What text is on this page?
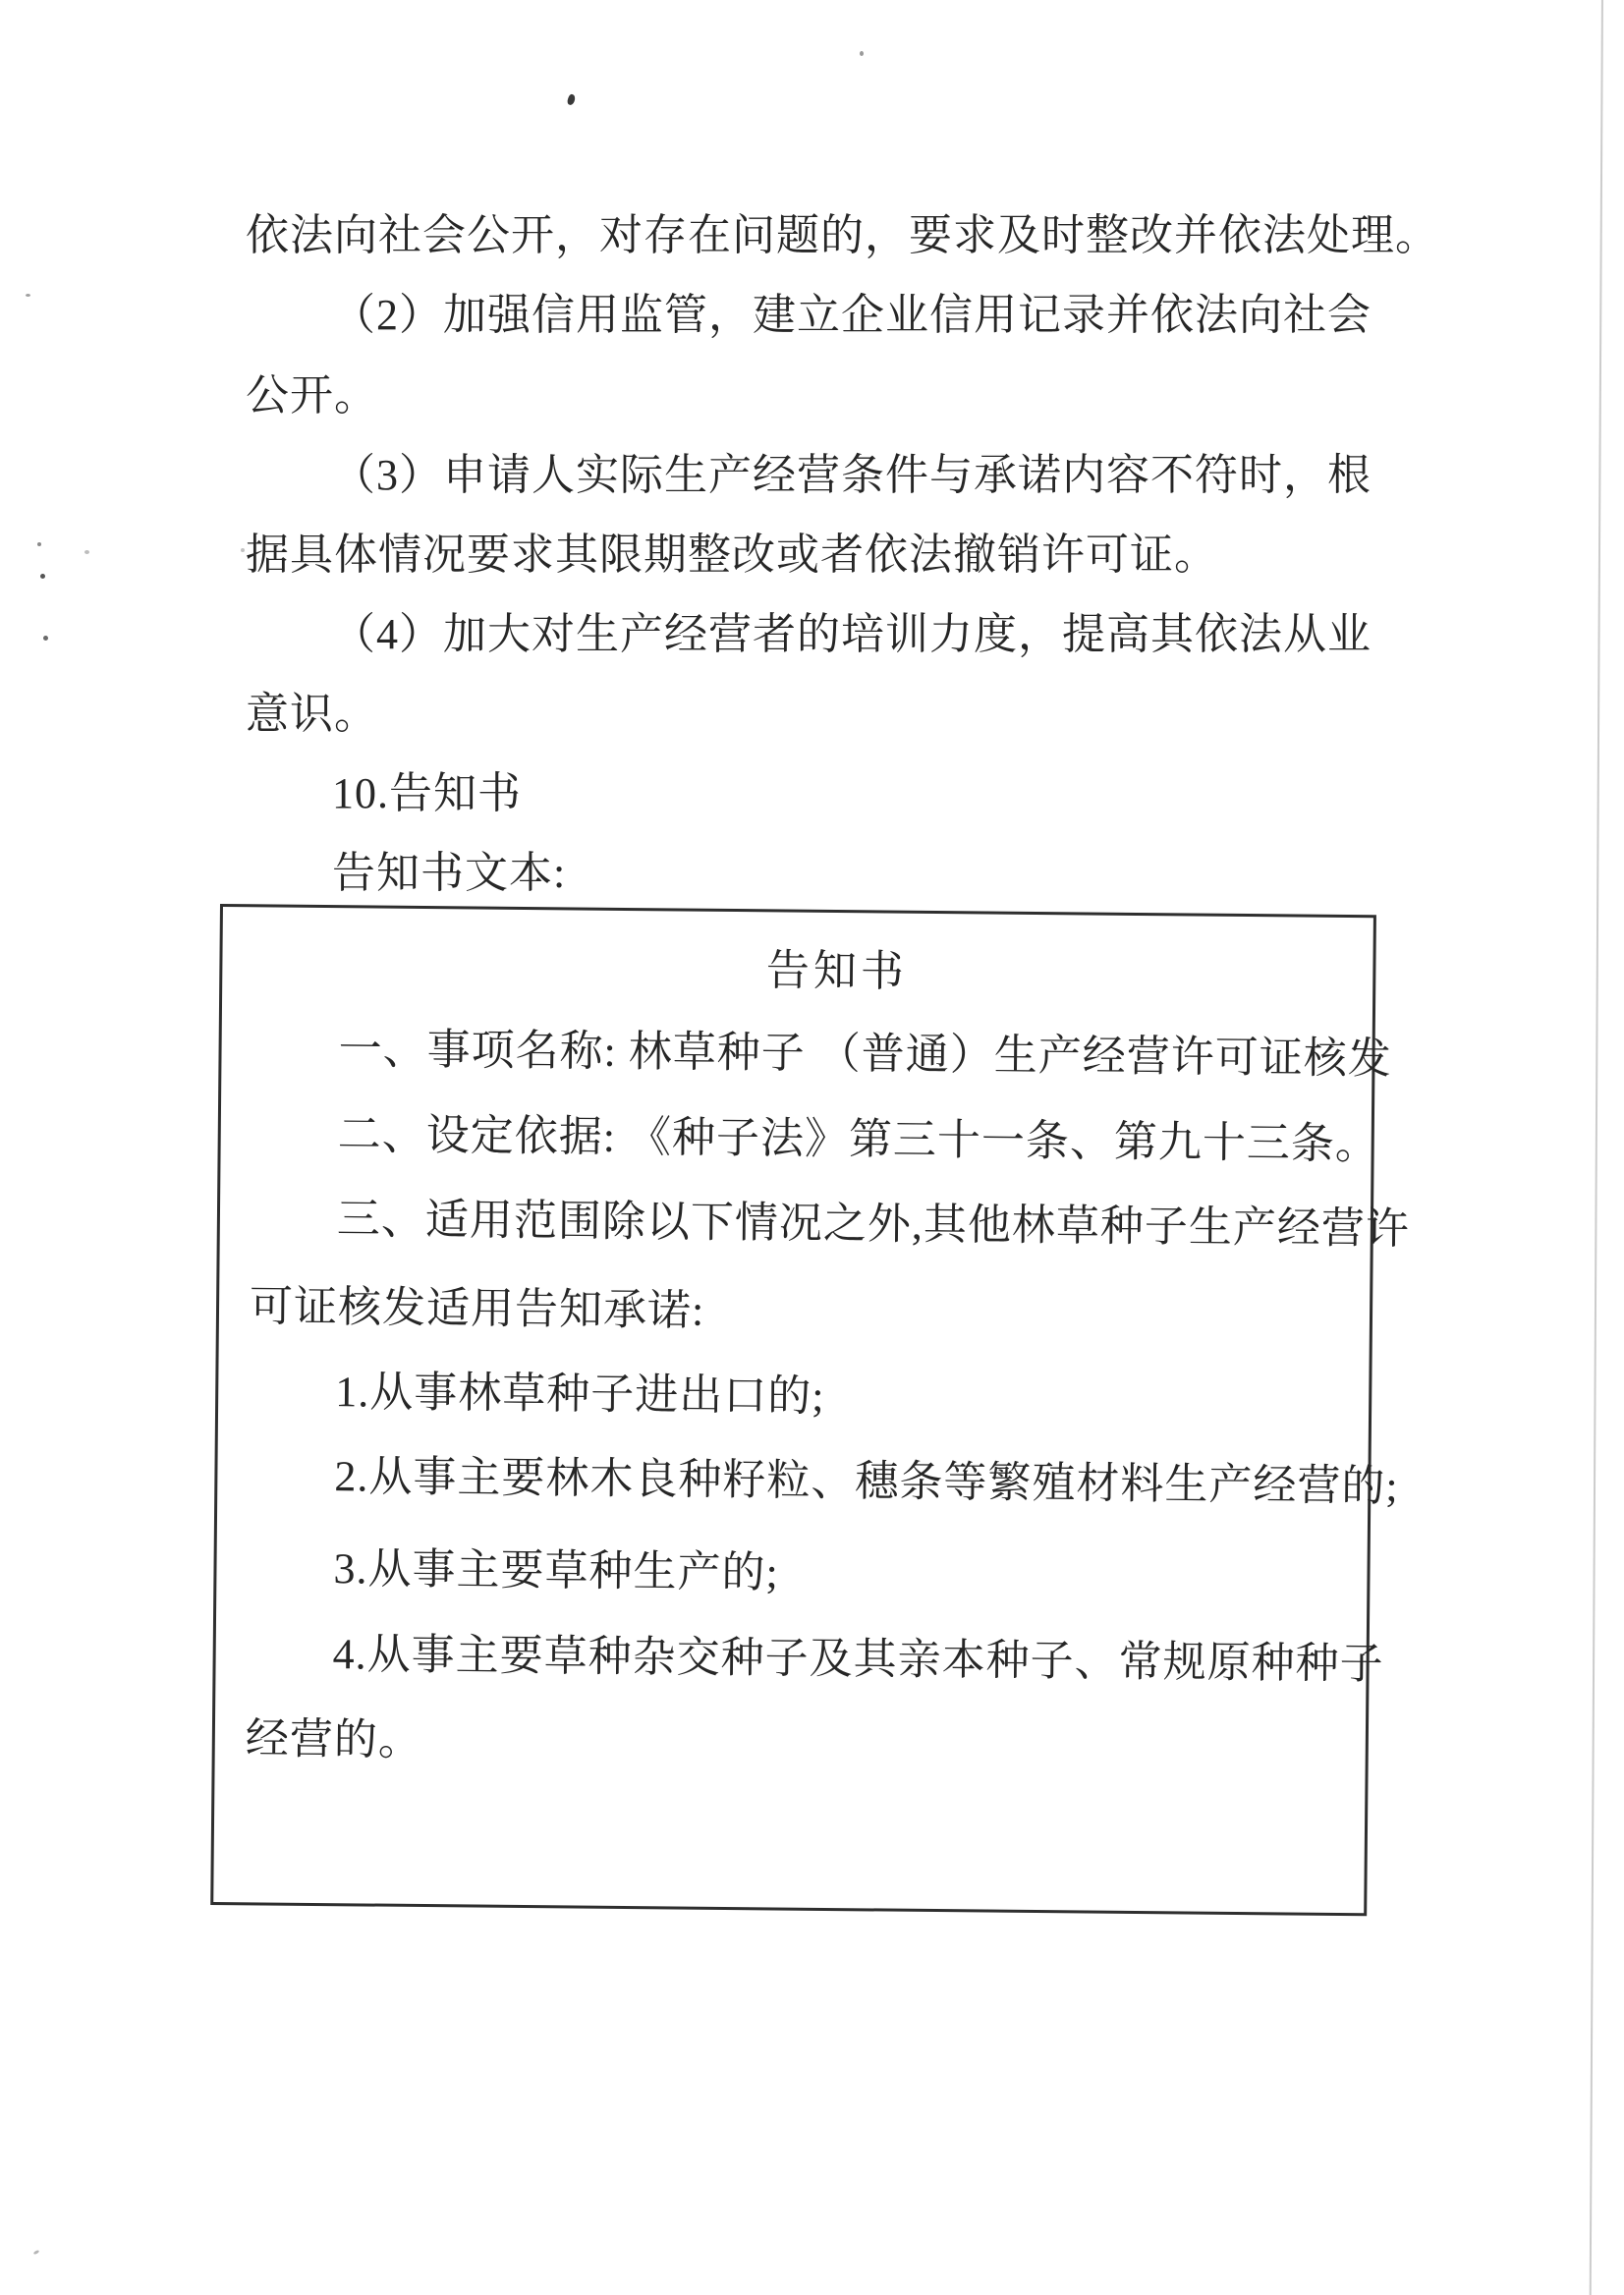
依法向社会公开，对存在问题的，要求及时整改并依法处理。
（2）加强信用监管，建立企业信用记录并依法向社会
公开。
（3）申请人实际生产经营条件与承诺内容不符时，根
据具体情况要求其限期整改或者依法撤销许可证。
（4）加大对生产经营者的培训力度，提高其依法从业
意识。
10.告知书
告知书文本:
告知书
一、事项名称: 林草种子 （普通）生产经营许可证核发
二、设定依据: 《种子法》第三十一条、第九十三条。
三、适用范围除以下情况之外,其他林草种子生产经营许
可证核发适用告知承诺:
1.从事林草种子进出口的;
2.从事主要林木良种籽粒、穗条等繁殖材料生产经营的;
3.从事主要草种生产的;
4.从事主要草种杂交种子及其亲本种子、常规原种种子
经营的。
